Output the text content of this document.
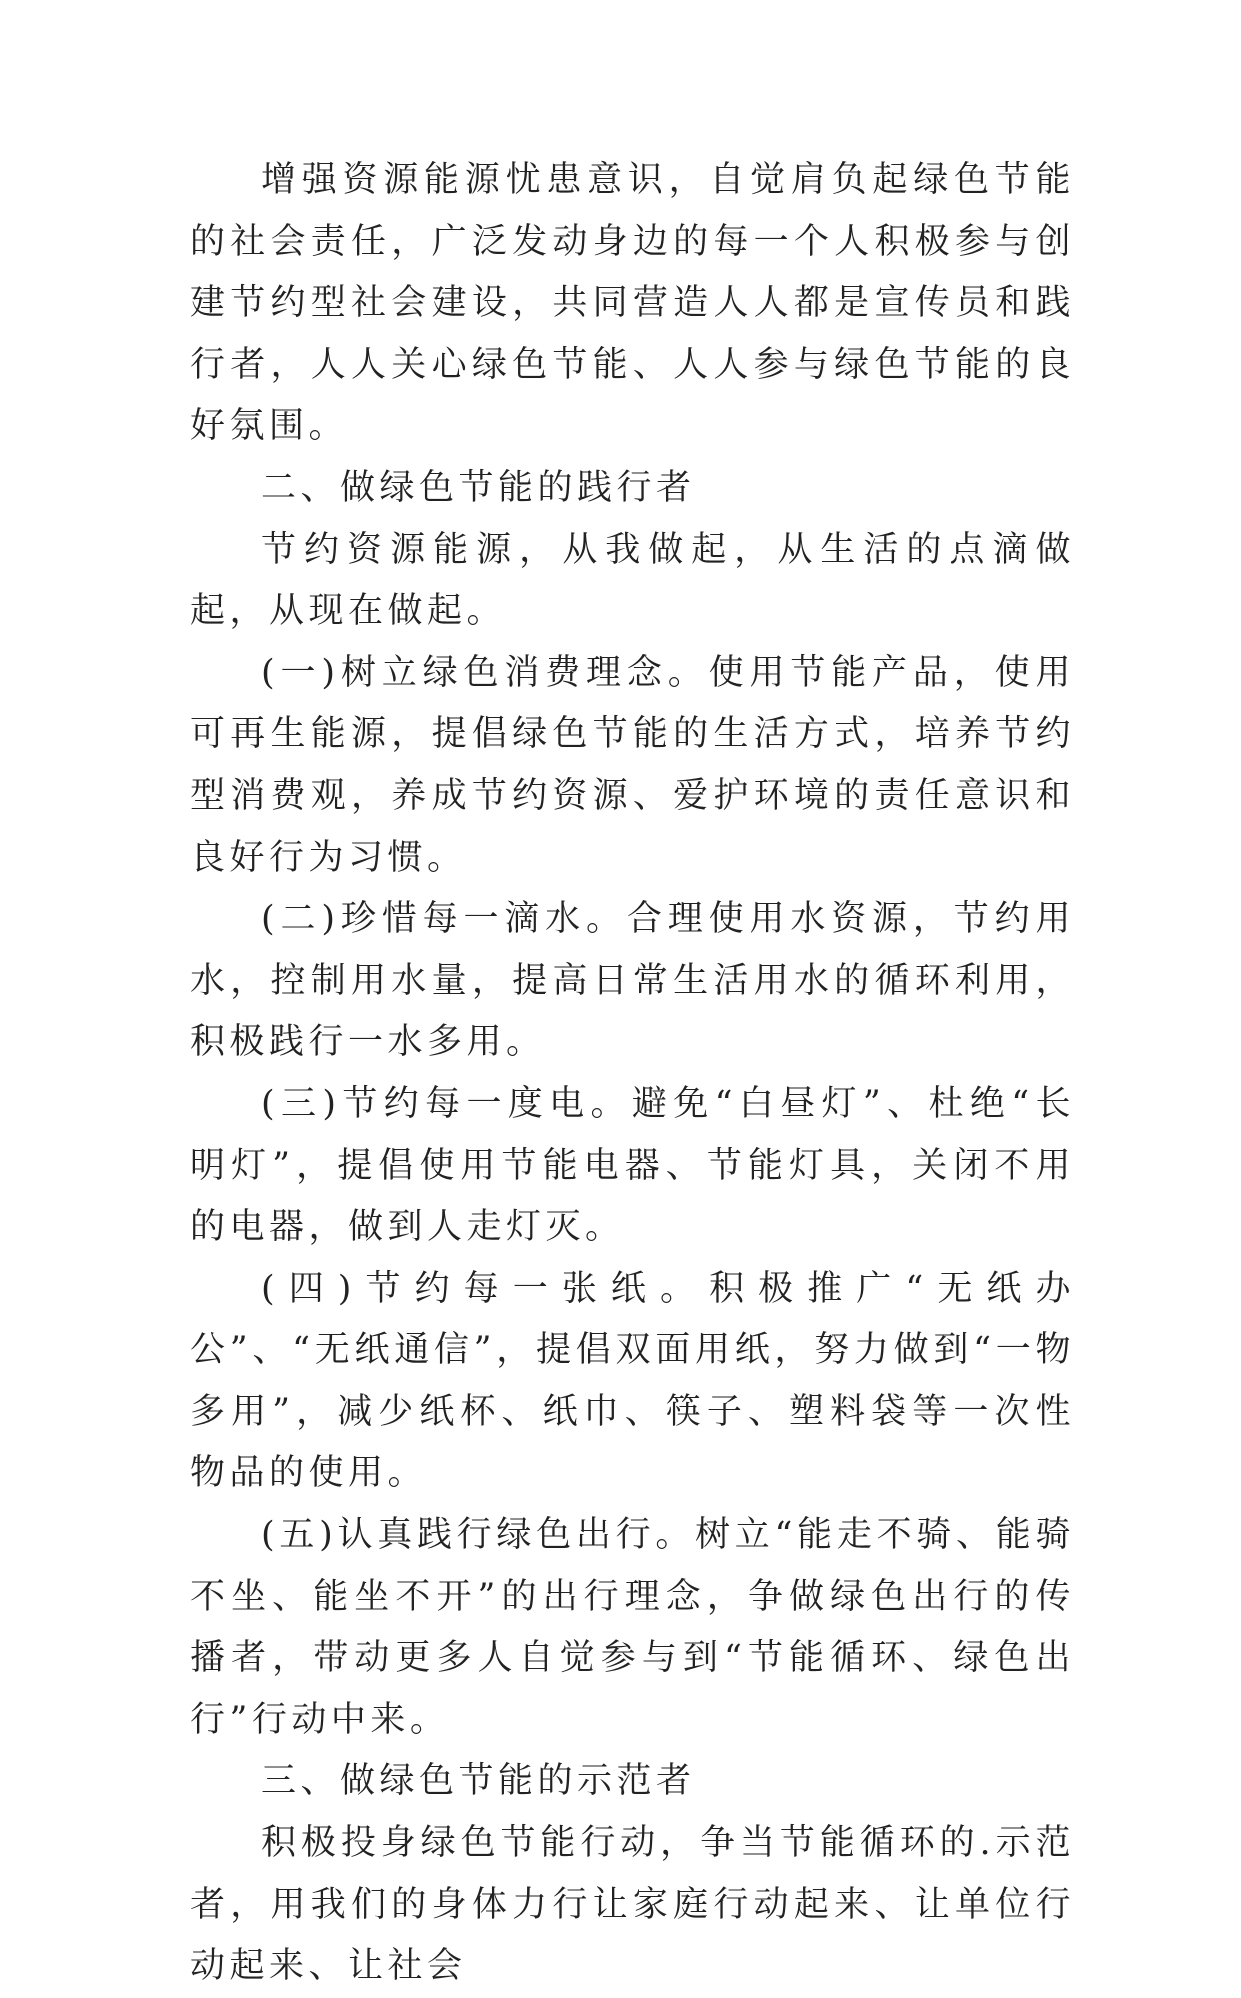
增强资源能源忧患意识，自觉肩负起绿色节能的社会责任，广泛发动身边的每一个人积极参与创建节约型社会建设，共同营造人人都是宣传员和践行者，人人关心绿色节能、人人参与绿色节能的良好氛围。

二、做绿色节能的践行者

节约资源能源，从我做起，从生活的点滴做起，从现在做起。

(一)树立绿色消费理念。使用节能产品，使用可再生能源，提倡绿色节能的生活方式，培养节约型消费观，养成节约资源、爱护环境的责任意识和良好行为习惯。

(二)珍惜每一滴水。合理使用水资源，节约用水，控制用水量，提高日常生活用水的循环利用，积极践行一水多用。

(三)节约每一度电。避免“白昼灯”、杜绝“长明灯”，提倡使用节能电器、节能灯具，关闭不用的电器，做到人走灯灭。

(四)节约每一张纸。积极推广“无纸办公”、“无纸通信”，提倡双面用纸，努力做到“一物多用”，减少纸杯、纸巾、筷子、塑料袋等一次性物品的使用。

(五)认真践行绿色出行。树立“能走不骑、能骑不坐、能坐不开”的出行理念，争做绿色出行的传播者，带动更多人自觉参与到“节能循环、绿色出行”行动中来。

三、做绿色节能的示范者

积极投身绿色节能行动，争当节能循环的.示范者，用我们的身体力行让家庭行动起来、让单位行动起来、让社会
